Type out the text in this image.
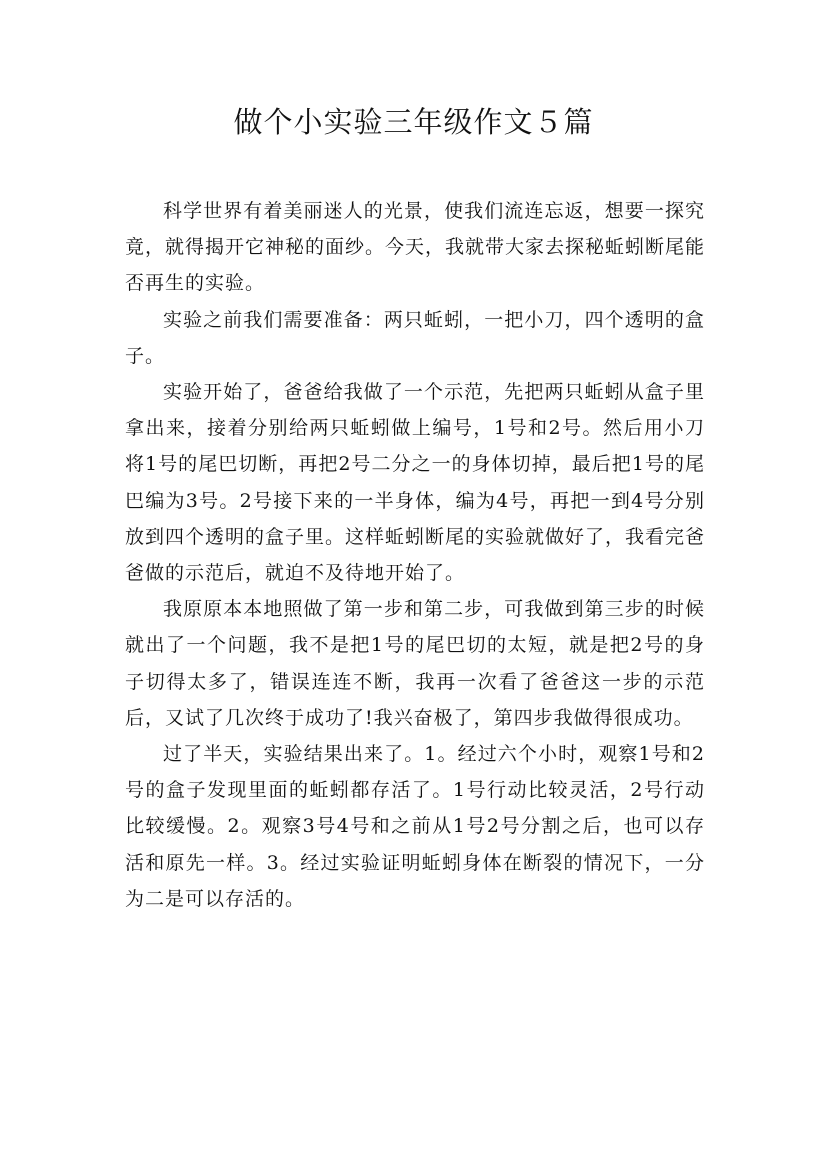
做个小实验三年级作文５篇

科学世界有着美丽迷人的光景，使我们流连忘返，想要一探究竟，就得揭开它神秘的面纱。今天，我就带大家去探秘蚯蚓断尾能否再生的实验。

实验之前我们需要准备：两只蚯蚓，一把小刀，四个透明的盒子。

实验开始了，爸爸给我做了一个示范，先把两只蚯蚓从盒子里拿出来，接着分别给两只蚯蚓做上编号，1号和2号。然后用小刀将1号的尾巴切断，再把2号二分之一的身体切掉，最后把1号的尾巴编为3号。2号接下来的一半身体，编为4号，再把一到4号分别放到四个透明的盒子里。这样蚯蚓断尾的实验就做好了，我看完爸爸做的示范后，就迫不及待地开始了。

我原原本本地照做了第一步和第二步，可我做到第三步的时候就出了一个问题，我不是把1号的尾巴切的太短，就是把2号的身子切得太多了，错误连连不断，我再一次看了爸爸这一步的示范后，又试了几次终于成功了!我兴奋极了，第四步我做得很成功。

过了半天，实验结果出来了。1。经过六个小时，观察1号和2号的盒子发现里面的蚯蚓都存活了。1号行动比较灵活，2号行动比较缓慢。2。观察3号4号和之前从1号2号分割之后，也可以存活和原先一样。3。经过实验证明蚯蚓身体在断裂的情况下，一分为二是可以存活的。
